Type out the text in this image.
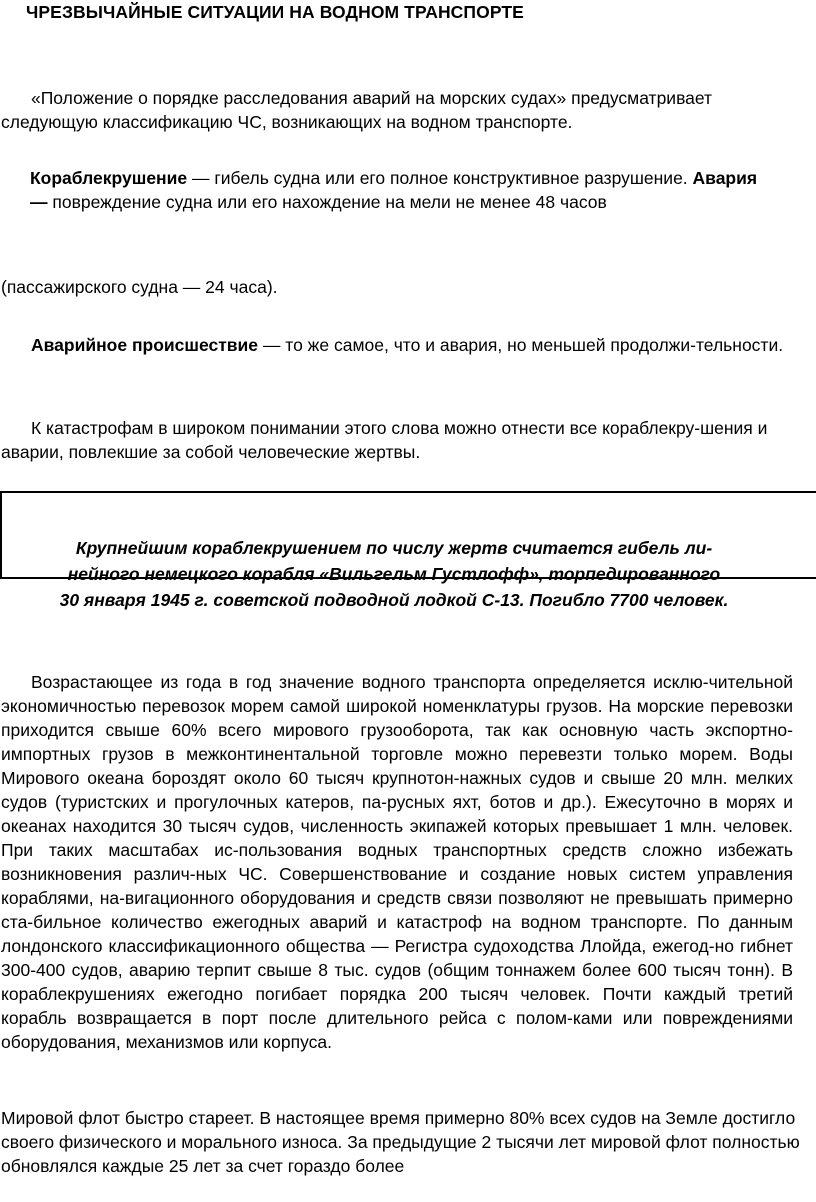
ЧРЕЗВЫЧАЙНЫЕ СИТУАЦИИ НА ВОДНОМ ТРАНСПОРТЕ

«Положение о порядке расследования аварий на морских судах» предусматривает следующую классификацию ЧС, возникающих на водном транспорте.

Кораблекрушение — гибель судна или его полное конструктивное разрушение. Авария — повреждение судна или его нахождение на мели не менее 48 часов

(пассажирского судна — 24 часа).

Аварийное происшествие — то же самое, что и авария, но меньшей продолжи-тельности.

К катастрофам в широком понимании этого слова можно отнести все кораблекру-шения и аварии, повлекшие за собой человеческие жертвы.

Крупнейшим кораблекрушением по числу жертв считается гибель ли-
нейного немецкого корабля «Вильгельм Густлофф», торпедированного
30 января 1945 г. советской подводной лодкой С-13. Погибло 7700 человек.

Возрастающее из года в год значение водного транспорта определяется исклю-чительной экономичностью перевозок морем самой широкой номенклатуры грузов. На морские перевозки приходится свыше 60% всего мирового грузооборота, так как основную часть экспортно-импортных грузов в межконтинентальной торговле можно перевезти только морем. Воды Мирового океана бороздят около 60 тысяч крупнотон-нажных судов и свыше 20 млн. мелких судов (туристских и прогулочных катеров, па-русных яхт, ботов и др.). Ежесуточно в морях и океанах находится 30 тысяч судов, численность экипажей которых превышает 1 млн. человек. При таких масштабах ис-пользования водных транспортных средств сложно избежать возникновения различ-ных ЧС. Совершенствование и создание новых систем управления кораблями, на-вигационного оборудования и средств связи позволяют не превышать примерно ста-бильное количество ежегодных аварий и катастроф на водном транспорте. По данным лондонского классификационного общества — Регистра судоходства Ллойда, ежегод-но гибнет 300-400 судов, аварию терпит свыше 8 тыс. судов (общим тоннажем более 600 тысяч тонн). В кораблекрушениях ежегодно погибает порядка 200 тысяч человек. Почти каждый третий корабль возвращается в порт после длительного рейса с полом-ками или повреждениями оборудования, механизмов или корпуса.

Мировой флот быстро стареет. В настоящее время примерно 80% всех судов на Земле достигло своего физического и морального износа. За предыдущие 2 тысячи лет мировой флот полностью обновлялся каждые 25 лет за счет гораздо более
